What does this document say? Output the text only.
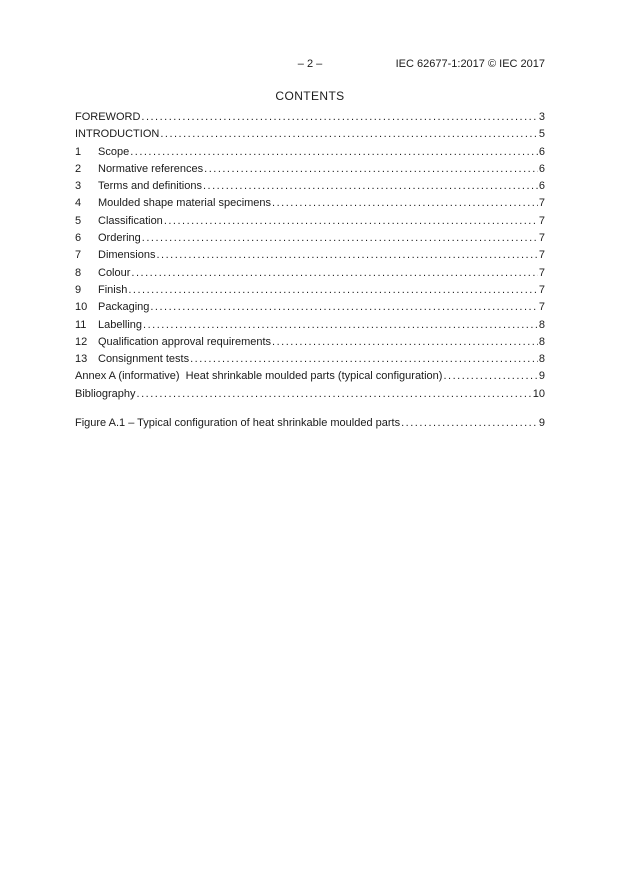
– 2 –	IEC 62677-1:2017 © IEC 2017
CONTENTS
FOREWORD .....	3
INTRODUCTION .....	5
1	Scope .....	6
2	Normative references .....	6
3	Terms and definitions .....	6
4	Moulded shape material specimens .....	7
5	Classification .....	7
6	Ordering .....	7
7	Dimensions .....	7
8	Colour .....	7
9	Finish .....	7
10 Packaging .....	7
11	Labelling .....	8
12 Qualification approval requirements .....	8
13 Consignment tests .....	8
Annex A (informative)  Heat shrinkable moulded parts (typical configuration) .....	9
Bibliography .....	10
Figure A.1 – Typical configuration of heat shrinkable moulded parts .....	9
